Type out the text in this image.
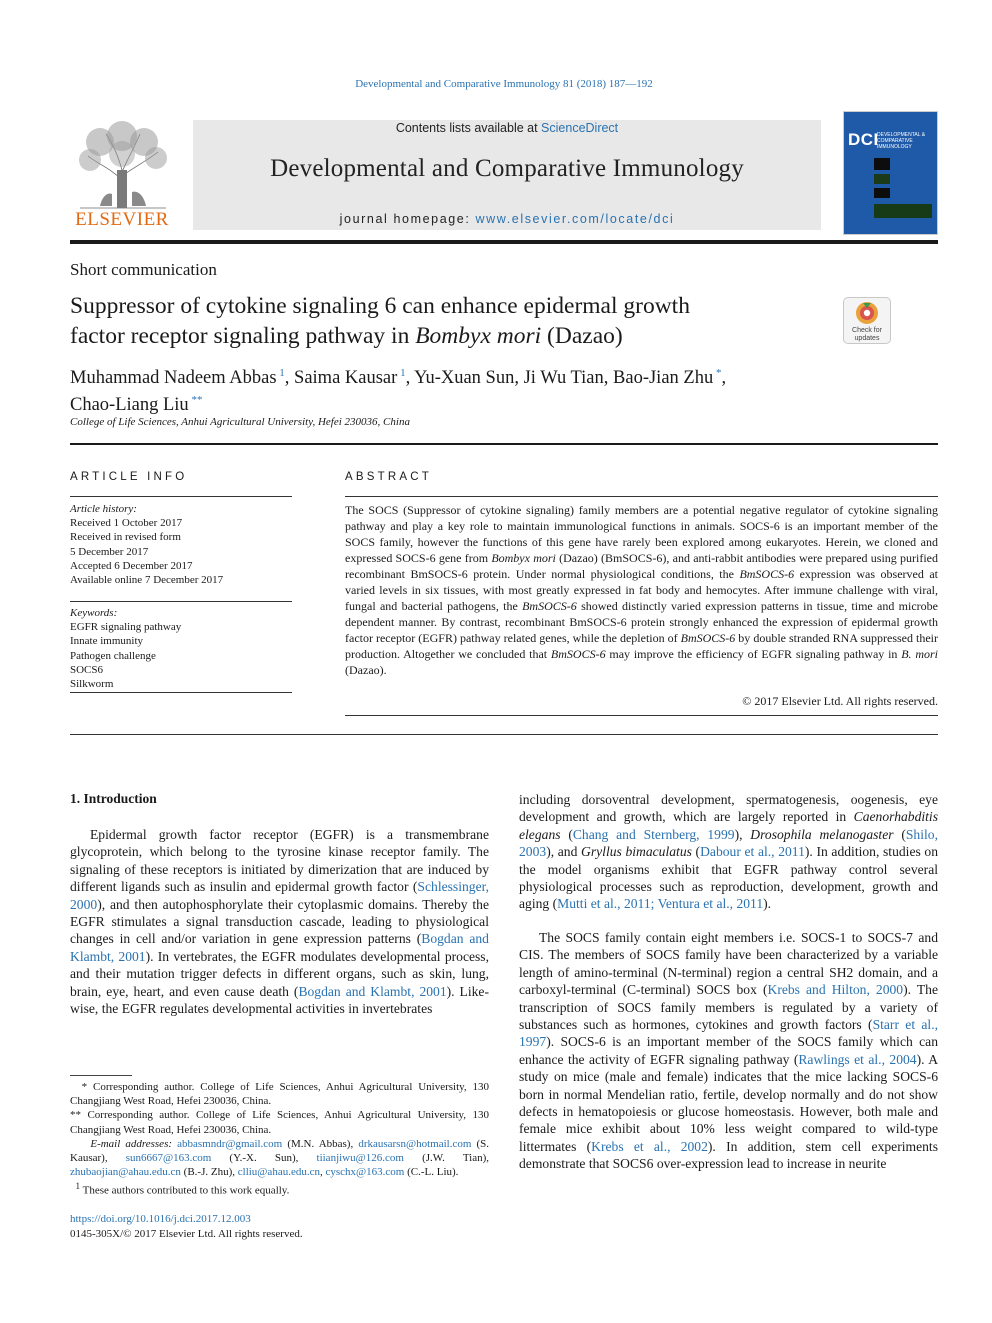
Developmental and Comparative Immunology 81 (2018) 187—192
ELSEVIER
Contents lists available at ScienceDirect
Developmental and Comparative Immunology
journal homepage: www.elsevier.com/locate/dci
DCI
DEVELOPMENTAL & COMPARATIVE IMMUNOLOGY
Short communication
Suppressor of cytokine signaling 6 can enhance epidermal growth
factor receptor signaling pathway in Bombyx mori (Dazao)	Check for
updates
Muhammad Nadeem Abbas $^1$, Saima Kausar $^1$, Yu-Xuan Sun, Ji Wu Tian, Bao-Jian Zhu *,
Chao-Liang Liu **
College of Life Sciences, Anhui Agricultural University, Hefei 230036, China
ARTICLE INFO
Article history:
Received 1 October 2017
Received in revised form
5 December 2017
Accepted 6 December 2017
Available online 7 December 2017
Keywords:
EGFR signaling pathway
Innate immunity
Pathogen challenge
SOCS6
Silkworm
ABSTRACT
The SOCS (Suppressor of cytokine signaling) family members are a potential negative regulator of cytokine signaling pathway and play a key role to maintain immunological functions in animals. SOCS-6 is an important member of the SOCS family, however the functions of this gene have rarely been explored among eukaryotes. Herein, we cloned and expressed SOCS-6 gene from Bombyx mori (Dazao) (BmSOCS-6), and anti-rabbit antibodies were prepared using purified recombinant BmSOCS-6 protein. Under normal physiological conditions, the BmSOCS-6 expression was observed at varied levels in six tissues, with most greatly expressed in fat body and hemocytes. After immune challenge with viral, fungal and bacterial pathogens, the BmSOCS-6 showed distinctly varied expression patterns in tissue, time and microbe dependent manner. By contrast, recombinant BmSOCS-6 protein strongly enhanced the expression of epidermal growth factor receptor (EGFR) pathway related genes, while the depletion of BmSOCS-6 by double stranded RNA suppressed their production. Altogether we concluded that BmSOCS-6 may improve the efficiency of EGFR signaling pathway in B. mori (Dazao).
© 2017 Elsevier Ltd. All rights reserved.
1. Introduction
Epidermal growth factor receptor (EGFR) is a transmembrane glycoprotein, which belong to the tyrosine kinase receptor family. The signaling of these receptors is initiated by dimerization that are induced by different ligands such as insulin and epidermal growth factor (Schlessinger, 2000), and then autophosphorylate their cytoplasmic domains. Thereby the EGFR stimulates a signal transduction cascade, leading to physiological changes in cell and/or variation in gene expression patterns (Bogdan and Klambt, 2001). In vertebrates, the EGFR modulates developmental process, and their mutation trigger defects in different organs, such as skin, lung, brain, eye, heart, and even cause death (Bogdan and Klambt, 2001). Like-wise, the EGFR regulates developmental activities in invertebrates
including dorsoventral development, spermatogenesis, oogenesis, eye development and growth, which are largely reported in Caenorhabditis elegans (Chang and Sternberg, 1999), Drosophila melanogaster (Shilo, 2003), and Gryllus bimaculatus (Dabour et al., 2011). In addition, studies on the model organisms exhibit that EGFR pathway control several physiological processes such as reproduction, development, growth and aging (Mutti et al., 2011; Ventura et al., 2011).
The SOCS family contain eight members i.e. SOCS-1 to SOCS-7 and CIS. The members of SOCS family have been characterized by a variable length of amino-terminal (N-terminal) region a central SH2 domain, and a carboxyl-terminal (C-terminal) SOCS box (Krebs and Hilton, 2000). The transcription of SOCS family members is regulated by a variety of substances such as hormones, cytokines and growth factors (Starr et al., 1997). SOCS-6 is an important member of the SOCS family which can enhance the activity of EGFR signaling pathway (Rawlings et al., 2004). A study on mice (male and female) indicates that the mice lacking SOCS-6 born in normal Mendelian ratio, fertile, develop normally and do not show defects in hematopoiesis or glucose homeostasis. However, both male and female mice exhibit about 10% less weight compared to wild-type littermates (Krebs et al., 2002). In addition, stem cell experiments demonstrate that SOCS6 over-expression lead to increase in neurite
* Corresponding author. College of Life Sciences, Anhui Agricultural University, 130 Changjiang West Road, Hefei 230036, China.
** Corresponding author. College of Life Sciences, Anhui Agricultural University, 130 Changjiang West Road, Hefei 230036, China.
E-mail addresses: abbasmndr@gmail.com (M.N. Abbas), drkausarsn@hotmail.com (S. Kausar), sun6667@163.com (Y.-X. Sun), tiianjiwu@126.com (J.W. Tian), zhubaojian@ahau.edu.cn (B.-J. Zhu), clliu@ahau.edu.cn, cyschx@163.com (C.-L. Liu).
$^1$ These authors contributed to this work equally.
https://doi.org/10.1016/j.dci.2017.12.003
0145-305X/© 2017 Elsevier Ltd. All rights reserved.
